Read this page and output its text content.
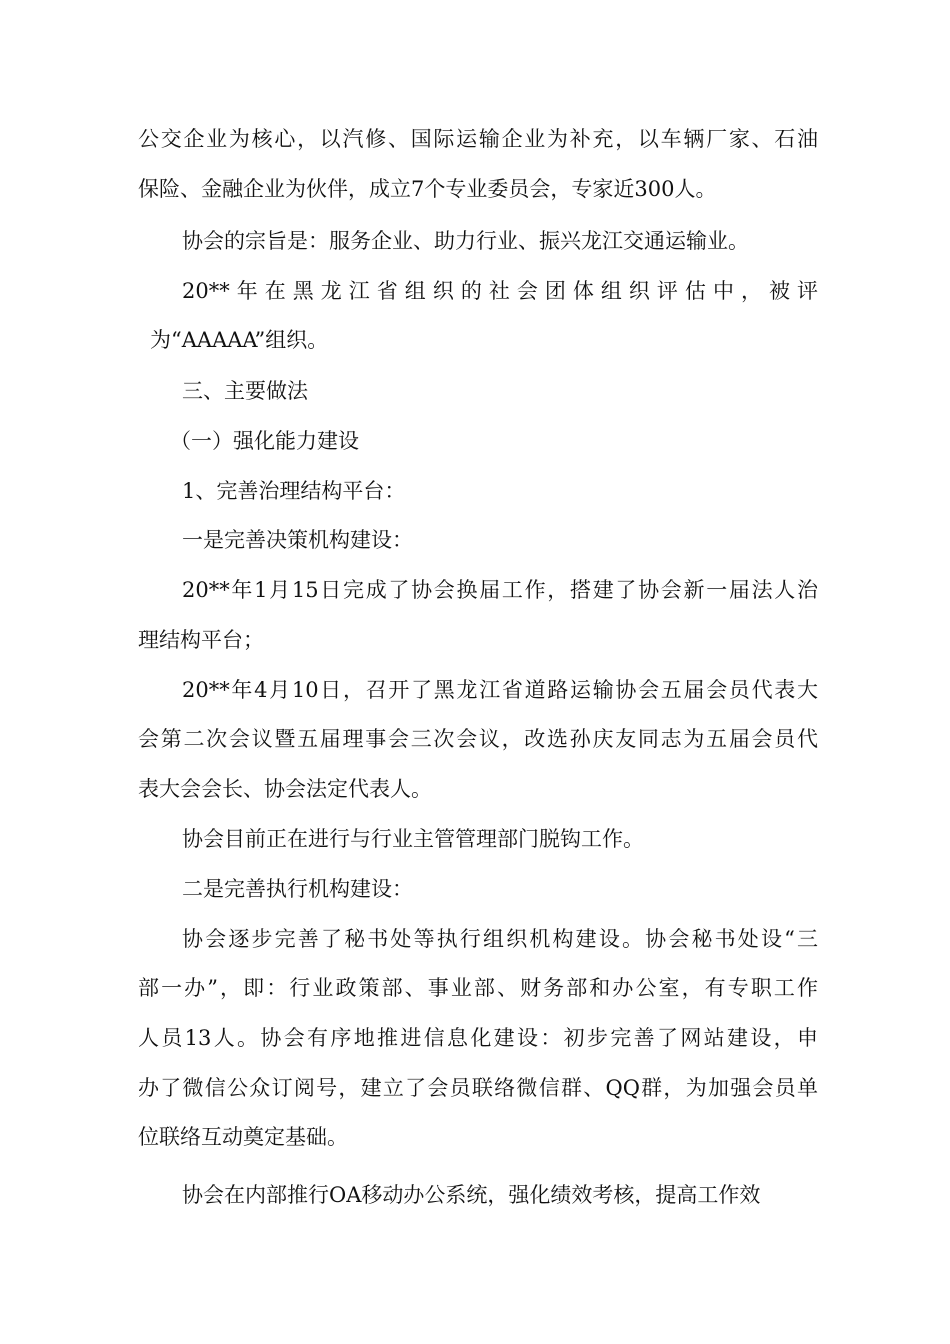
公交企业为核心，以汽修、国际运输企业为补充，以车辆厂家、石油
保险、金融企业为伙伴，成立7个专业委员会，专家近300人。
协会的宗旨是：服务企业、助力行业、振兴龙江交通运输业。
20**年在黑龙江省组织的社会团体组织评估中，被评
为“AAAAA”组织。
三、主要做法
（一）强化能力建设
1、完善治理结构平台：
一是完善决策机构建设：
20**年1月15日完成了协会换届工作，搭建了协会新一届法人治
理结构平台；
20**年4月10日，召开了黑龙江省道路运输协会五届会员代表大
会第二次会议暨五届理事会三次会议，改选孙庆友同志为五届会员代
表大会会长、协会法定代表人。
协会目前正在进行与行业主管管理部门脱钩工作。
二是完善执行机构建设：
协会逐步完善了秘书处等执行组织机构建设。协会秘书处设“三
部一办”，即：行业政策部、事业部、财务部和办公室，有专职工作
人员13人。协会有序地推进信息化建设：初步完善了网站建设，申
办了微信公众订阅号，建立了会员联络微信群、QQ群，为加强会员单
位联络互动奠定基础。
协会在内部推行OA移动办公系统，强化绩效考核，提高工作效
